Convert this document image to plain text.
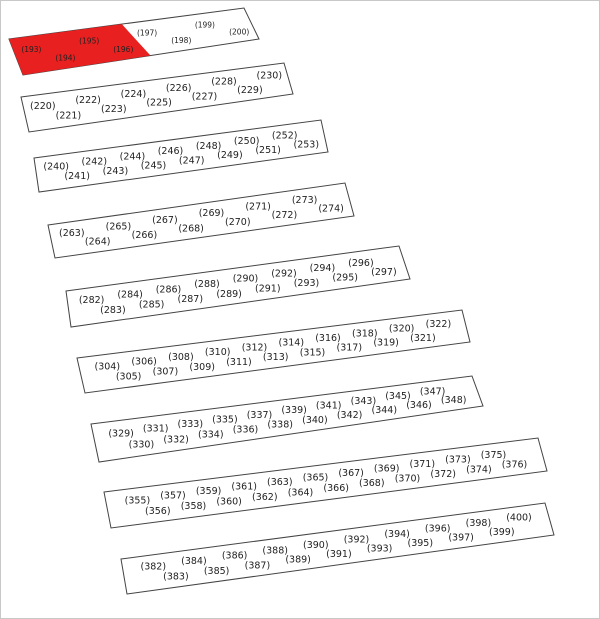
(193)
(194)
(195)
(196)
(197)
(198)
(199)
(200)
(220)
(221)
(222)
(223)
(224)
(225)
(226)
(227)
(228)
(229)
(230)
(240)
(241)
(242)
(243)
(244)
(245)
(246)
(247)
(248)
(249)
(250)
(251)
(252)
(253)
(263)
(264)
(265)
(266)
(267)
(268)
(269)
(270)
(271)
(272)
(273)
(274)
(282)
(283)
(284)
(285)
(286)
(287)
(288)
(289)
(290)
(291)
(292)
(293)
(294)
(295)
(296)
(297)
(304)
(305)
(306)
(307)
(308)
(309)
(310)
(311)
(312)
(313)
(314)
(315)
(316)
(317)
(318)
(319)
(320)
(321)
(322)
(329)
(330)
(331)
(332)
(333)
(334)
(335)
(336)
(337)
(338)
(339)
(340)
(341)
(342)
(343)
(344)
(345)
(346)
(347)
(348)
(355)
(356)
(357)
(358)
(359)
(360)
(361)
(362)
(363)
(364)
(365)
(366)
(367)
(368)
(369)
(370)
(371)
(372)
(373)
(374)
(375)
(376)
(382)
(383)
(384)
(385)
(386)
(387)
(388)
(389)
(390)
(391)
(392)
(393)
(394)
(395)
(396)
(397)
(398)
(399)
(400)
